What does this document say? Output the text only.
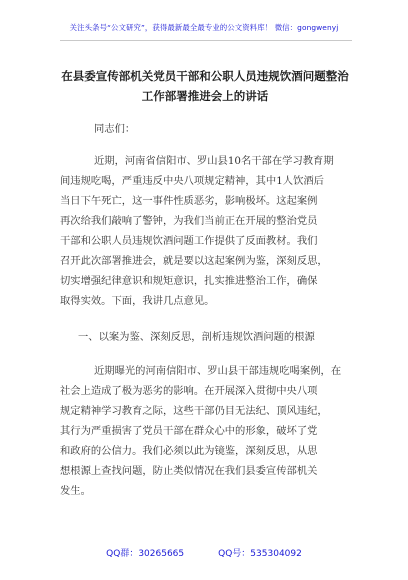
关注头条号“公文研究”，获得最新最全最专业的公文资料库！ 微信：gongwenyj
在县委宣传部机关党员干部和公职人员违规饮酒问题整治
工作部署推进会上的讲话
同志们：
近期，河南省信阳市、罗山县10名干部在学习教育期
间违规吃喝，严重违反中央八项规定精神，其中1人饮酒后
当日下午死亡，这一事件性质恶劣，影响极坏。这起案例
再次给我们敲响了警钟，为我们当前正在开展的整治党员
干部和公职人员违规饮酒问题工作提供了反面教材。我们
召开此次部署推进会，就是要以这起案例为鉴，深刻反思，
切实增强纪律意识和规矩意识，扎实推进整治工作，确保
取得实效。下面，我讲几点意见。
一、以案为鉴、深刻反思，剖析违规饮酒问题的根源
近期曝光的河南信阳市、罗山县干部违规吃喝案例，在
社会上造成了极为恶劣的影响。在开展深入贯彻中央八项
规定精神学习教育之际，这些干部仍目无法纪、顶风违纪，
其行为严重损害了党员干部在群众心中的形象，破坏了党
和政府的公信力。我们必须以此为镜鉴，深刻反思，从思
想根源上查找问题，防止类似情况在我们县委宣传部机关
发生。
QQ群：30265665	QQ号：535304092
